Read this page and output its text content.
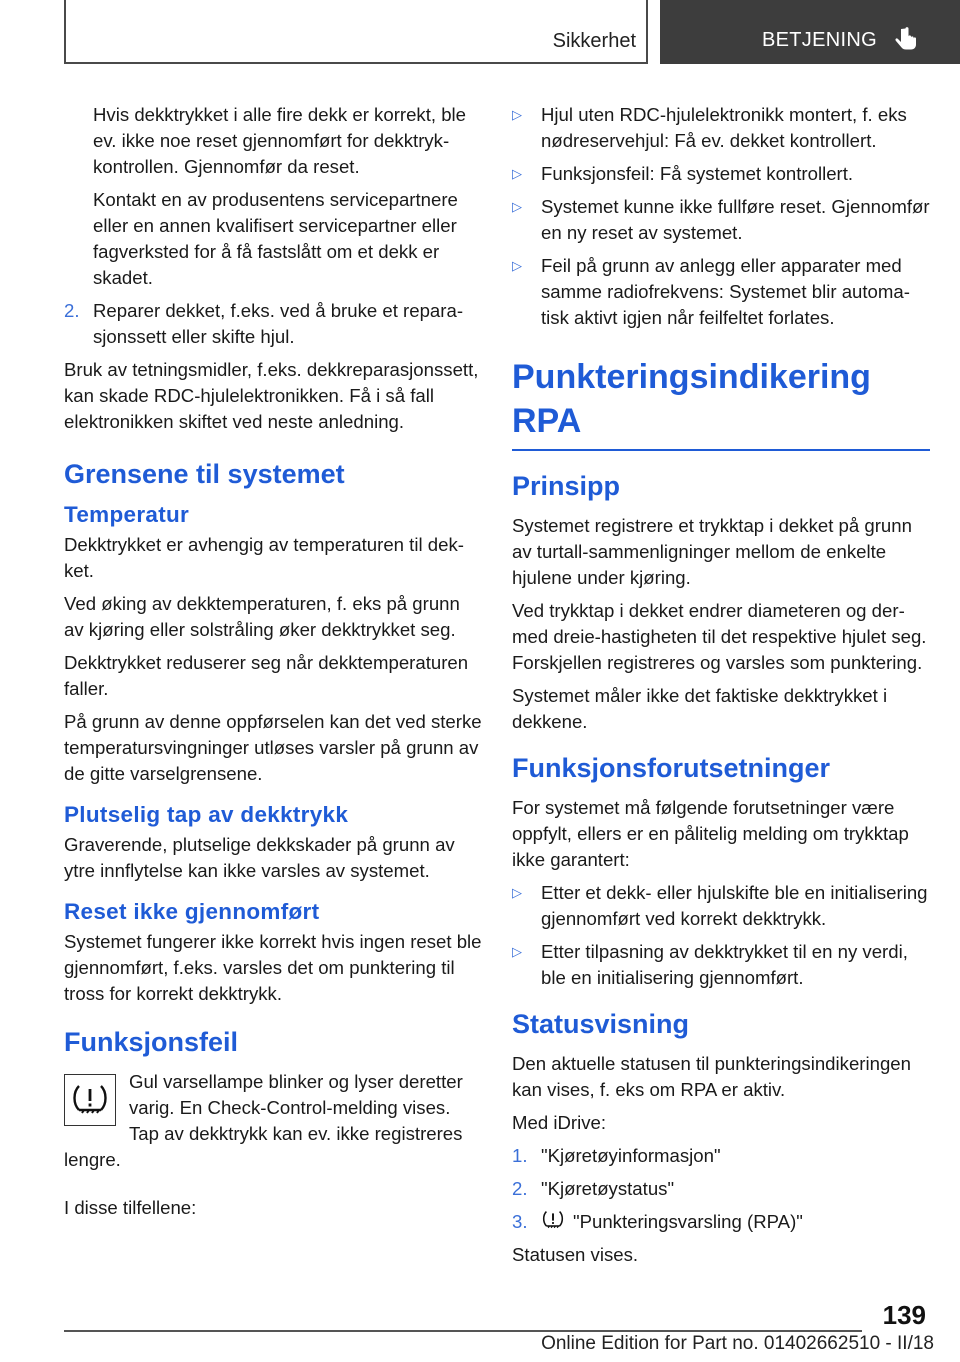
Sikkerhet	BETJENING

Hvis dekktrykket i alle fire dekk er korrekt, ble ev. ikke noe reset gjennomført for dekktrykkontrollen. Gjennomfør da reset.

Kontakt en av produsentens servicepartnere eller en annen kvalifisert servicepartner eller fagverksted for å få fastslått om et dekk er skadet.

2. Reparer dekket, f.eks. ved å bruke et reparasjonssett eller skifte hjul.

Bruk av tetningsmidler, f.eks. dekkreparasjonssett, kan skade RDC-hjulelektronikken. Få i så fall elektronikken skiftet ved neste anledning.

Grensene til systemet
Temperatur

Dekktrykket er avhengig av temperaturen til dekket.

Ved øking av dekktemperaturen, f. eks på grunn av kjøring eller solstråling øker dekktrykket seg.

Dekktrykket reduserer seg når dekktemperaturen faller.

På grunn av denne oppførselen kan det ved sterke temperatursvingninger utløses varsler på grunn av de gitte varselgrensene.

Plutselig tap av dekktrykk

Graverende, plutselige dekkskader på grunn av ytre innflytelse kan ikke varsles av systemet.

Reset ikke gjennomført

Systemet fungerer ikke korrekt hvis ingen reset ble gjennomført, f.eks. varsles det om punktering til tross for korrekt dekktrykk.

Funksjonsfeil
Gul varsellampe blinker og lyser deretter varig. En Check-Control-melding vises. Tap av dekktrykk kan ev. ikke registreres lengre.

I disse tilfellene:

▷	Hjul uten RDC-hjulelektronikk montert, f. eks nødreservehjul: Få ev. dekket kontrollert.
▷	Funksjonsfeil: Få systemet kontrollert.
▷	Systemet kunne ikke fullføre reset. Gjennomfør en ny reset av systemet.
▷	Feil på grunn av anlegg eller apparater med samme radiofrekvens: Systemet blir automatisk aktivt igjen når feilfeltet forlates.
Punkteringsindikering RPA
Prinsipp

Systemet registrere et trykktap i dekket på grunn av turtall-sammenligninger mellom de enkelte hjulene under kjøring.

Ved trykktap i dekket endrer diameteren og dermed dreie-hastigheten til det respektive hjulet seg. Forskjellen registreres og varsles som punktering.

Systemet måler ikke det faktiske dekktrykket i dekkene.

Funksjonsforutsetninger

For systemet må følgende forutsetninger være oppfylt, ellers er en pålitelig melding om trykktap ikke garantert:

▷	Etter et dekk- eller hjulskifte ble en initialisering gjennomført ved korrekt dekktrykk.
▷	Etter tilpasning av dekktrykket til en ny verdi, ble en initialisering gjennomført.
Statusvisning

Den aktuelle statusen til punkteringsindikeringen kan vises, f. eks om RPA er aktiv.

Med iDrive:

1. "Kjøretøyinformasjon"
2. "Kjøretøystatus"
3.	"Punkteringsvarsling (RPA)"

Statusen vises.

139
Online Edition for Part no. 01402662510 - II/18
